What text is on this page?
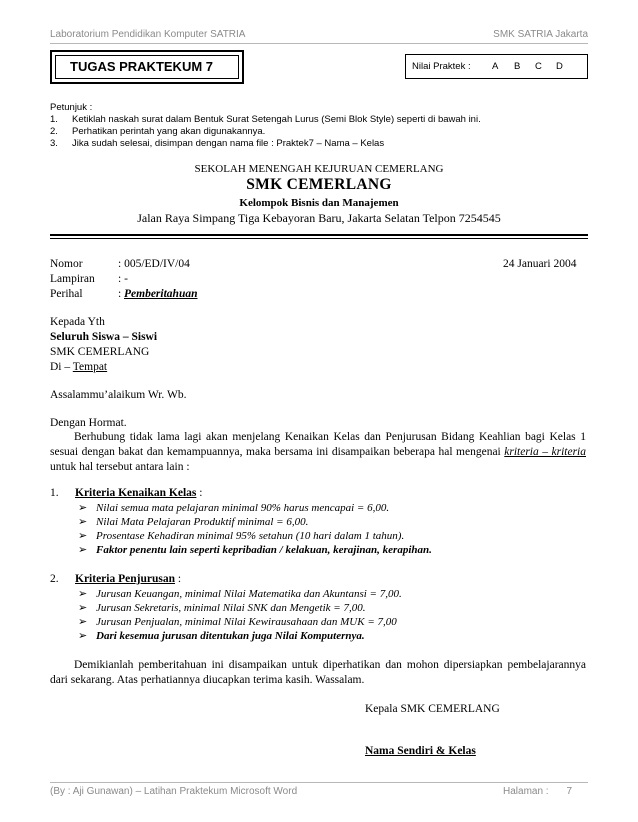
Laboratorium Pendidikan Komputer SATRIA	SMK SATRIA Jakarta
TUGAS PRAKTEKUM 7	Nilai Praktek : A B C D
Petunjuk :
1. Ketiklah naskah surat dalam Bentuk Surat Setengah Lurus (Semi Blok Style) seperti di bawah ini.
2. Perhatikan perintah yang akan digunakannya.
3. Jika sudah selesai, disimpan dengan nama file : Praktek7 – Nama – Kelas
SEKOLAH MENENGAH KEJURUAN CEMERLANG
SMK CEMERLANG
Kelompok Bisnis dan Manajemen
Jalan Raya Simpang Tiga Kebayoran Baru, Jakarta Selatan Telpon 7254545
Nomor	: 005/ED/IV/04	24 Januari 2004
Lampiran : -
Perihal	: Pemberitahuan
Kepada Yth
Seluruh Siswa – Siswi
SMK CEMERLANG
Di – Tempat
Assalammu’alaikum Wr. Wb.
Dengan Hormat.
Berhubung tidak lama lagi akan menjelang Kenaikan Kelas dan Penjurusan Bidang Keahlian bagi Kelas 1 sesuai dengan bakat dan kemampuannya, maka bersama ini disampaikan beberapa hal mengenai kriteria – kriteria untuk hal tersebut antara lain :
1. Kriteria Kenaikan Kelas :
➢ Nilai semua mata pelajaran minimal 90% harus mencapai = 6,00.
➢ Nilai Mata Pelajaran Produktif minimal = 6,00.
➢ Prosentase Kehadiran minimal 95% setahun (10 hari dalam 1 tahun).
➢ Faktor penentu lain seperti kepribadian / kelakuan, kerajinan, kerapihan.
2. Kriteria Penjurusan :
➢ Jurusan Keuangan, minimal Nilai Matematika dan Akuntansi = 7,00.
➢ Jurusan Sekretaris, minimal Nilai SNK dan Mengetik = 7,00.
➢ Jurusan Penjualan, minimal Nilai Kewirausahaan dan MUK = 7,00
➢ Dari kesemua jurusan ditentukan juga Nilai Komputernya.
Demikianlah pemberitahuan ini disampaikan untuk diperhatikan dan mohon dipersiapkan pembelajarannya dari sekarang. Atas perhatiannya diucapkan terima kasih. Wassalam.
Kepala SMK CEMERLANG
Nama Sendiri & Kelas
(By : Aji Gunawan) – Latihan Praktekum Microsoft Word	Halaman : 7
